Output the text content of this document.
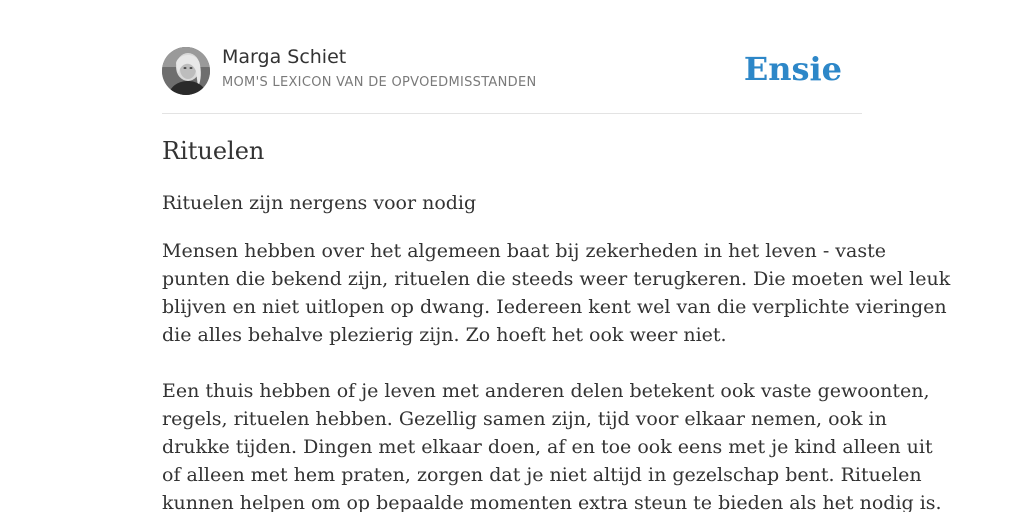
Marga Schiet
MOM'S LEXICON VAN DE OPVOEDMISSTANDEN	Ensie
Rituelen
Rituelen zijn nergens voor nodig
Mensen hebben over het algemeen baat bij zekerheden in het leven - vaste
punten die bekend zijn, rituelen die steeds weer terugkeren. Die moeten wel leuk
blijven en niet uitlopen op dwang. Iedereen kent wel van die verplichte vieringen
die alles behalve plezierig zijn. Zo hoeft het ook weer niet.
Een thuis hebben of je leven met anderen delen betekent ook vaste gewoonten,
regels, rituelen hebben. Gezellig samen zijn, tijd voor elkaar nemen, ook in
drukke tijden. Dingen met elkaar doen, af en toe ook eens met je kind alleen uit
of alleen met hem praten, zorgen dat je niet altijd in gezelschap bent. Rituelen
kunnen helpen om op bepaalde momenten extra steun te bieden als het nodig is.
